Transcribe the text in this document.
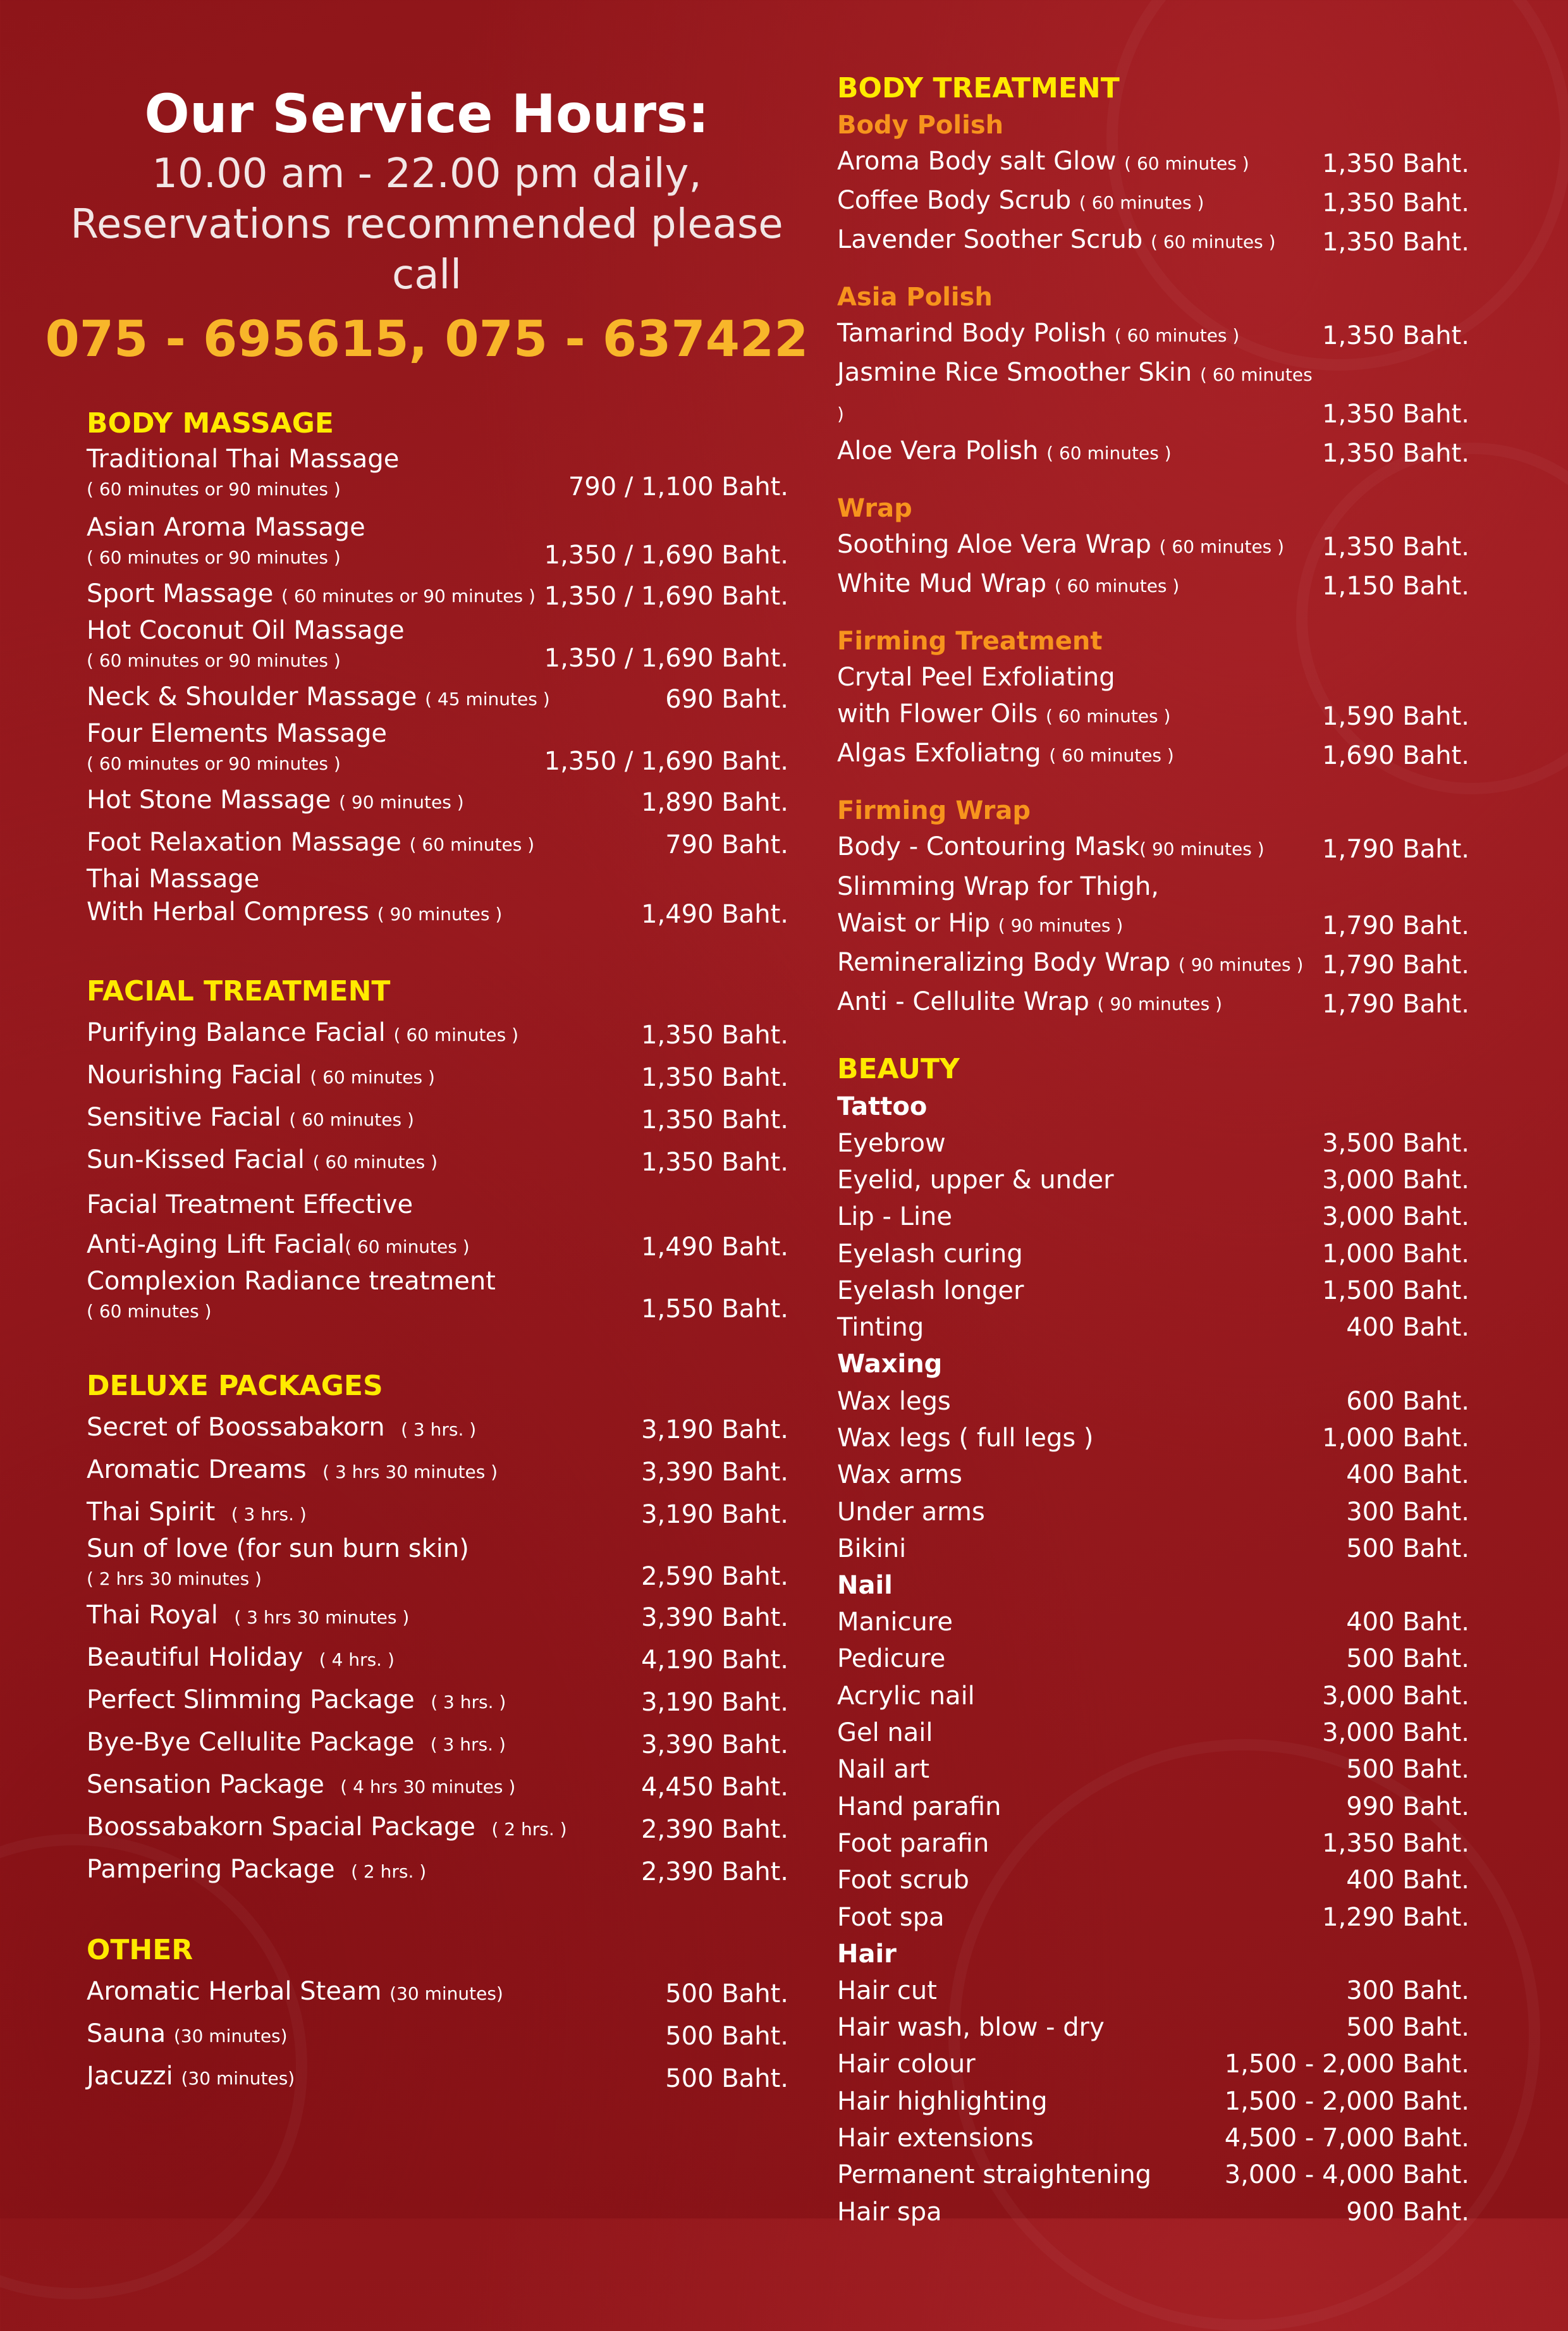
Our Service Hours:
10.00 am - 22.00 pm daily,
Reservations recommended please call
075 - 695615, 075 - 637422
BODY MASSAGE
Traditional Thai Massage
( 60 minutes or 90 minutes )	790 / 1,100 Baht.
Asian Aroma Massage
( 60 minutes or 90 minutes )	1,350 / 1,690 Baht.
Sport Massage ( 60 minutes or 90 minutes ) 1,350 / 1,690 Baht.
Hot Coconut Oil Massage
( 60 minutes or 90 minutes )	1,350 / 1,690 Baht.
Neck & Shoulder Massage ( 45 minutes )	690 Baht.
Four Elements Massage
( 60 minutes or 90 minutes )	1,350 / 1,690 Baht.
Hot Stone Massage ( 90 minutes )	1,890 Baht.
Foot Relaxation Massage ( 60 minutes )	790 Baht.
Thai Massage
With Herbal Compress ( 90 minutes )	1,490 Baht.
FACIAL TREATMENT
Purifying Balance Facial ( 60 minutes )	1,350 Baht.
Nourishing Facial ( 60 minutes )	1,350 Baht.
Sensitive Facial ( 60 minutes )	1,350 Baht.
Sun-Kissed Facial ( 60 minutes )	1,350 Baht.
Facial Treatment Effective
Anti-Aging Lift Facial( 60 minutes )	1,490 Baht.
Complexion Radiance treatment
( 60 minutes )	1,550 Baht.
DELUXE PACKAGES
Secret of Boossabakorn ( 3 hrs. )	3,190 Baht.
Aromatic Dreams ( 3 hrs 30 minutes )	3,390 Baht.
Thai Spirit ( 3 hrs. )	3,190 Baht.
Sun of love (for sun burn skin)
( 2 hrs 30 minutes )	2,590 Baht.
Thai Royal ( 3 hrs 30 minutes )	3,390 Baht.
Beautiful Holiday ( 4 hrs. )	4,190 Baht.
Perfect Slimming Package ( 3 hrs. )	3,190 Baht.
Bye-Bye Cellulite Package ( 3 hrs. )	3,390 Baht.
Sensation Package ( 4 hrs 30 minutes )	4,450 Baht.
Boossabakorn Spacial Package ( 2 hrs. )	2,390 Baht.
Pampering Package ( 2 hrs. )	2,390 Baht.
OTHER
Aromatic Herbal Steam (30 minutes)	500 Baht.
Sauna (30 minutes)	500 Baht.
Jacuzzi (30 minutes)	500 Baht.
BODY TREATMENT
Body Polish
Aroma Body salt Glow ( 60 minutes )	1,350 Baht.
Coffee Body Scrub ( 60 minutes )	1,350 Baht.
Lavender Soother Scrub ( 60 minutes ) 1,350 Baht.
Asia Polish
Tamarind Body Polish ( 60 minutes )	1,350 Baht.
Jasmine Rice Smoother Skin ( 60 minutes )	1,350 Baht.
Aloe Vera Polish ( 60 minutes )	1,350 Baht.
Wrap
Soothing Aloe Vera Wrap ( 60 minutes ) 1,350 Baht.
White Mud Wrap ( 60 minutes )	1,150 Baht.
Firming Treatment
Crytal Peel Exfoliating
with Flower Oils ( 60 minutes )	1,590 Baht.
Algas Exfoliatng ( 60 minutes )	1,690 Baht.
Firming Wrap
Body - Contouring Mask( 90 minutes ) 1,790 Baht.
Slimming Wrap for Thigh,
Waist or Hip ( 90 minutes )	1,790 Baht.
Remineralizing Body Wrap ( 90 minutes ) 1,790 Baht.
Anti - Cellulite Wrap ( 90 minutes )	1,790 Baht.
BEAUTY
Tattoo
Eyebrow	3,500 Baht.
Eyelid, upper & under	3,000 Baht.
Lip - Line	3,000 Baht.
Eyelash curing	1,000 Baht.
Eyelash longer	1,500 Baht.
Tinting	400 Baht.
Waxing
Wax legs	600 Baht.
Wax legs ( full legs )	1,000 Baht.
Wax arms	400 Baht.
Under arms	300 Baht.
Bikini	500 Baht.
Nail
Manicure	400 Baht.
Pedicure	500 Baht.
Acrylic nail	3,000 Baht.
Gel nail	3,000 Baht.
Nail art	500 Baht.
Hand parafin	990 Baht.
Foot parafin	1,350 Baht.
Foot scrub	400 Baht.
Foot spa	1,290 Baht.
Hair
Hair cut	300 Baht.
Hair wash, blow - dry	500 Baht.
Hair colour	1,500 - 2,000 Baht.
Hair highlighting	1,500 - 2,000 Baht.
Hair extensions	4,500 - 7,000 Baht.
Permanent straightening	3,000 - 4,000 Baht.
Hair spa	900 Baht.
